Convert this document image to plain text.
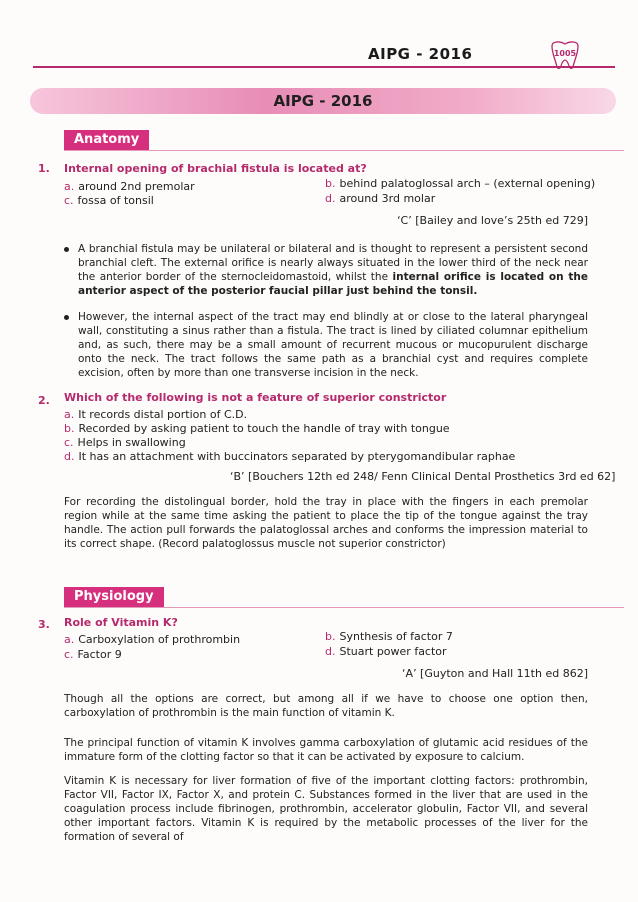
AIPG - 2016	1005
AIPG - 2016
Anatomy
1. Internal opening of brachial fistula is located at?
a. around 2nd premolar	b. behind palatoglossal arch – (external opening)
c. fossa of tonsil	d. around 3rd molar
‘C’ [Bailey and love’s 25th ed 729]
A branchial fistula may be unilateral or bilateral and is thought to represent a persistent second branchial cleft. The external orifice is nearly always situated in the lower third of the neck near the anterior border of the sternocleidomastoid, whilst the internal orifice is located on the anterior aspect of the posterior faucial pillar just behind the tonsil.
However, the internal aspect of the tract may end blindly at or close to the lateral pharyngeal wall, constituting a sinus rather than a fistula. The tract is lined by ciliated columnar epithelium and, as such, there may be a small amount of recurrent mucous or mucopurulent discharge onto the neck. The tract follows the same path as a branchial cyst and requires complete excision, often by more than one transverse incision in the neck.
2. Which of the following is not a feature of superior constrictor
a. It records distal portion of C.D.
b. Recorded by asking patient to touch the handle of tray with tongue
c. Helps in swallowing
d. It has an attachment with buccinators separated by pterygomandibular raphae
‘B’ [Bouchers 12th ed 248/ Fenn Clinical Dental Prosthetics 3rd ed 62]
For recording the distolingual border, hold the tray in place with the fingers in each premolar region while at the same time asking the patient to place the tip of the tongue against the tray handle. The action pull forwards the palatoglossal arches and conforms the impression material to its correct shape. (Record palatoglossus muscle not superior constrictor)
Physiology
3. Role of Vitamin K?
a. Carboxylation of prothrombin	b. Synthesis of factor 7
c. Factor 9	d. Stuart power factor
‘A’ [Guyton and Hall 11th ed 862]
Though all the options are correct, but among all if we have to choose one option then, carboxylation of prothrombin is the main function of vitamin K.
The principal function of vitamin K involves gamma carboxylation of glutamic acid residues of the immature form of the clotting factor so that it can be activated by exposure to calcium.
Vitamin K is necessary for liver formation of five of the important clotting factors: prothrombin, Factor VII, Factor IX, Factor X, and protein C. Substances formed in the liver that are used in the coagulation process include fibrinogen, prothrombin, accelerator globulin, Factor VII, and several other important factors. Vitamin K is required by the metabolic processes of the liver for the formation of several of
